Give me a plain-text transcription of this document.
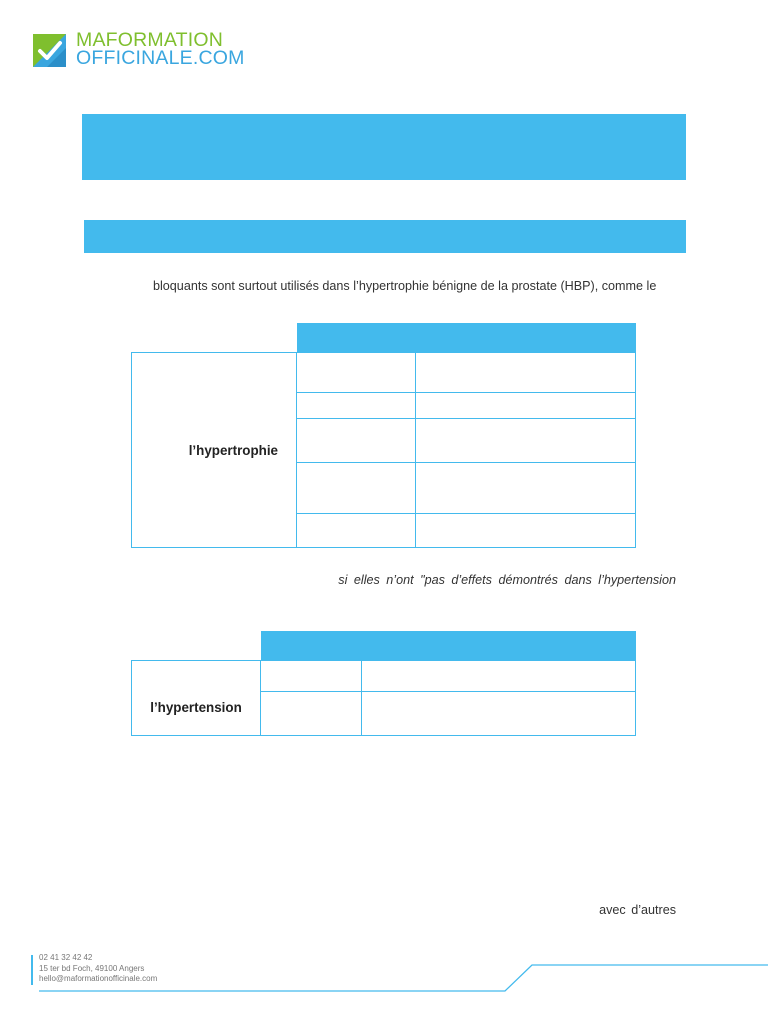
MAFORMATION
OFFICINALE.COM
bloquants sont surtout utilisés dans l’hypertrophie bénigne de la prostate (HBP), comme le
l’hypertrophie
si elles n’ont "pas d’effets démontrés dans l’hypertension
l’hypertension
avec d’autres
02 41 32 42 42
15 ter bd Foch, 49100 Angers
hello@maformationofficinale.com
